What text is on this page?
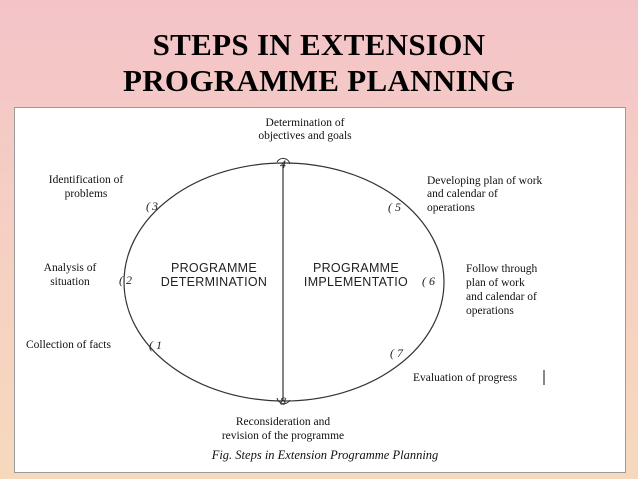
STEPS IN EXTENSION
PROGRAMME PLANNING
4
( 3
( 2
( 1
( 5
( 6
( 7
8
PROGRAMME
DETERMINATION
PROGRAMME
IMPLEMENTATIO
Determination of
objectives and goals
Identification of
problems
Analysis of
situation
Collection of facts
Developing plan of work
and calendar of
operations
Follow through
plan of work
and calendar of
operations
Evaluation of progress
Reconsideration and
revision of the programme
Fig. Steps in Extension Programme Planning
